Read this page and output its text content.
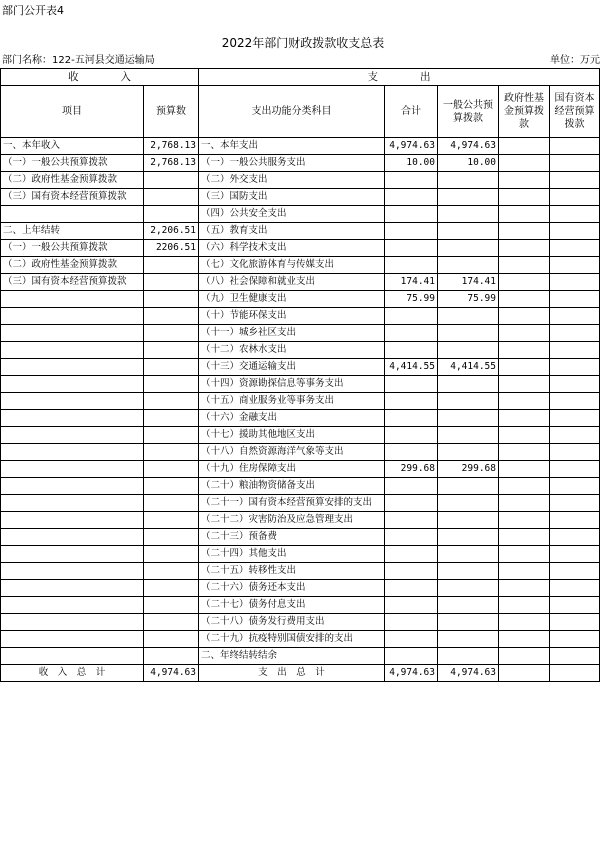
部门公开表4
2022年部门财政拨款收支总表
部门名称：122-五河县交通运输局	单位：万元
收　　　　入		支　　　　出				
项目	预算数	支出功能分类科目	合计	一般公共预算拨款	政府性基金预算拨款	国有资本经营预算拨款
一、本年收入	2,768.13	一、本年支出	4,974.63	4,974.63		
（一）一般公共预算拨款	2,768.13	（一）一般公共服务支出	10.00	10.00		
（二）政府性基金预算拨款		（二）外交支出				
（三）国有资本经营预算拨款		（三）国防支出				
		（四）公共安全支出				
二、上年结转	2,206.51	（五）教育支出				
（一）一般公共预算拨款	2206.51	（六）科学技术支出				
（二）政府性基金预算拨款		（七）文化旅游体育与传媒支出				
（三）国有资本经营预算拨款		（八）社会保障和就业支出	174.41	174.41		
		（九）卫生健康支出	75.99	75.99		
		（十）节能环保支出				
		（十一）城乡社区支出				
		（十二）农林水支出				
		（十三）交通运输支出	4,414.55	4,414.55		
		（十四）资源勘探信息等事务支出				
		（十五）商业服务业等事务支出				
		（十六）金融支出				
		（十七）援助其他地区支出				
		（十八）自然资源海洋气象等支出				
		（十九）住房保障支出	299.68	299.68		
		（二十）粮油物资储备支出				
		（二十一）国有资本经营预算安排的支出				
		（二十二）灾害防治及应急管理支出				
		（二十三）预备费				
		（二十四）其他支出				
		（二十五）转移性支出				
		（二十六）债务还本支出				
		（二十七）债务付息支出				
		（二十八）债务发行费用支出				
		（二十九）抗疫特别国债安排的支出				
		二、年终结转结余				
收　入　总　计	4,974.63	支　出　总　计	4,974.63	4,974.63		
